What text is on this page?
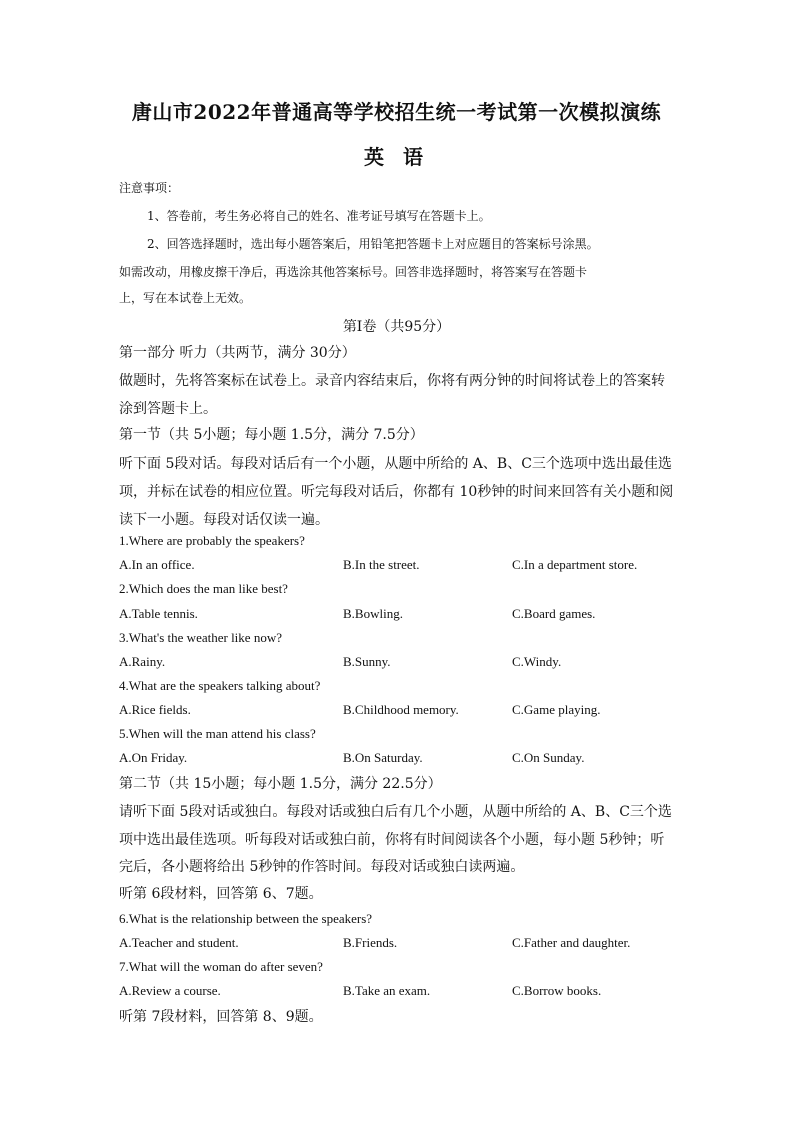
唐山市2022年普通高等学校招生统一考试第一次模拟演练
英 语
注意事项：
1、答卷前，考生务必将自己的姓名、准考证号填写在答题卡上。
2、回答选择题时，选出每小题答案后，用铅笔把答题卡上对应题目的答案标号涂黑。
如需改动，用橡皮擦干净后，再选涂其他答案标号。回答非选择题时，将答案写在答题卡
上，写在本试卷上无效。
第Ⅰ卷（共95分）
第一部分 听力（共两节，满分 30分）
做题时，先将答案标在试卷上。录音内容结束后，你将有两分钟的时间将试卷上的答案转
涂到答题卡上。
第一节（共 5小题；每小题 1.5分，满分 7.5分）
听下面 5段对话。每段对话后有一个小题，从题中所给的 A、B、C三个选项中选出最佳选
项，并标在试卷的相应位置。听完每段对话后，你都有 10秒钟的时间来回答有关小题和阅
读下一小题。每段对话仅读一遍。
1.Where are probably the speakers?
A.In an office.	B.In the street.	C.In a department store.
2.Which does the man like best?
A.Table tennis.	B.Bowling.	C.Board games.
3.What's the weather like now?
A.Rainy.	B.Sunny.	C.Windy.
4.What are the speakers talking about?
A.Rice fields.	B.Childhood memory.	C.Game playing.
5.When will the man attend his class?
A.On Friday.	B.On Saturday.	C.On Sunday.
第二节（共 15小题；每小题 1.5分，满分 22.5分）
请听下面 5段对话或独白。每段对话或独白后有几个小题，从题中所给的 A、B、C三个选
项中选出最佳选项。听每段对话或独白前，你将有时间阅读各个小题，每小题 5秒钟；听
完后，各小题将给出 5秒钟的作答时间。每段对话或独白读两遍。
听第 6段材料，回答第 6、7题。
6.What is the relationship between the speakers?
A.Teacher and student.	B.Friends.	C.Father and daughter.
7.What will the woman do after seven?
A.Review a course.	B.Take an exam.	C.Borrow books.
听第 7段材料，回答第 8、9题。
